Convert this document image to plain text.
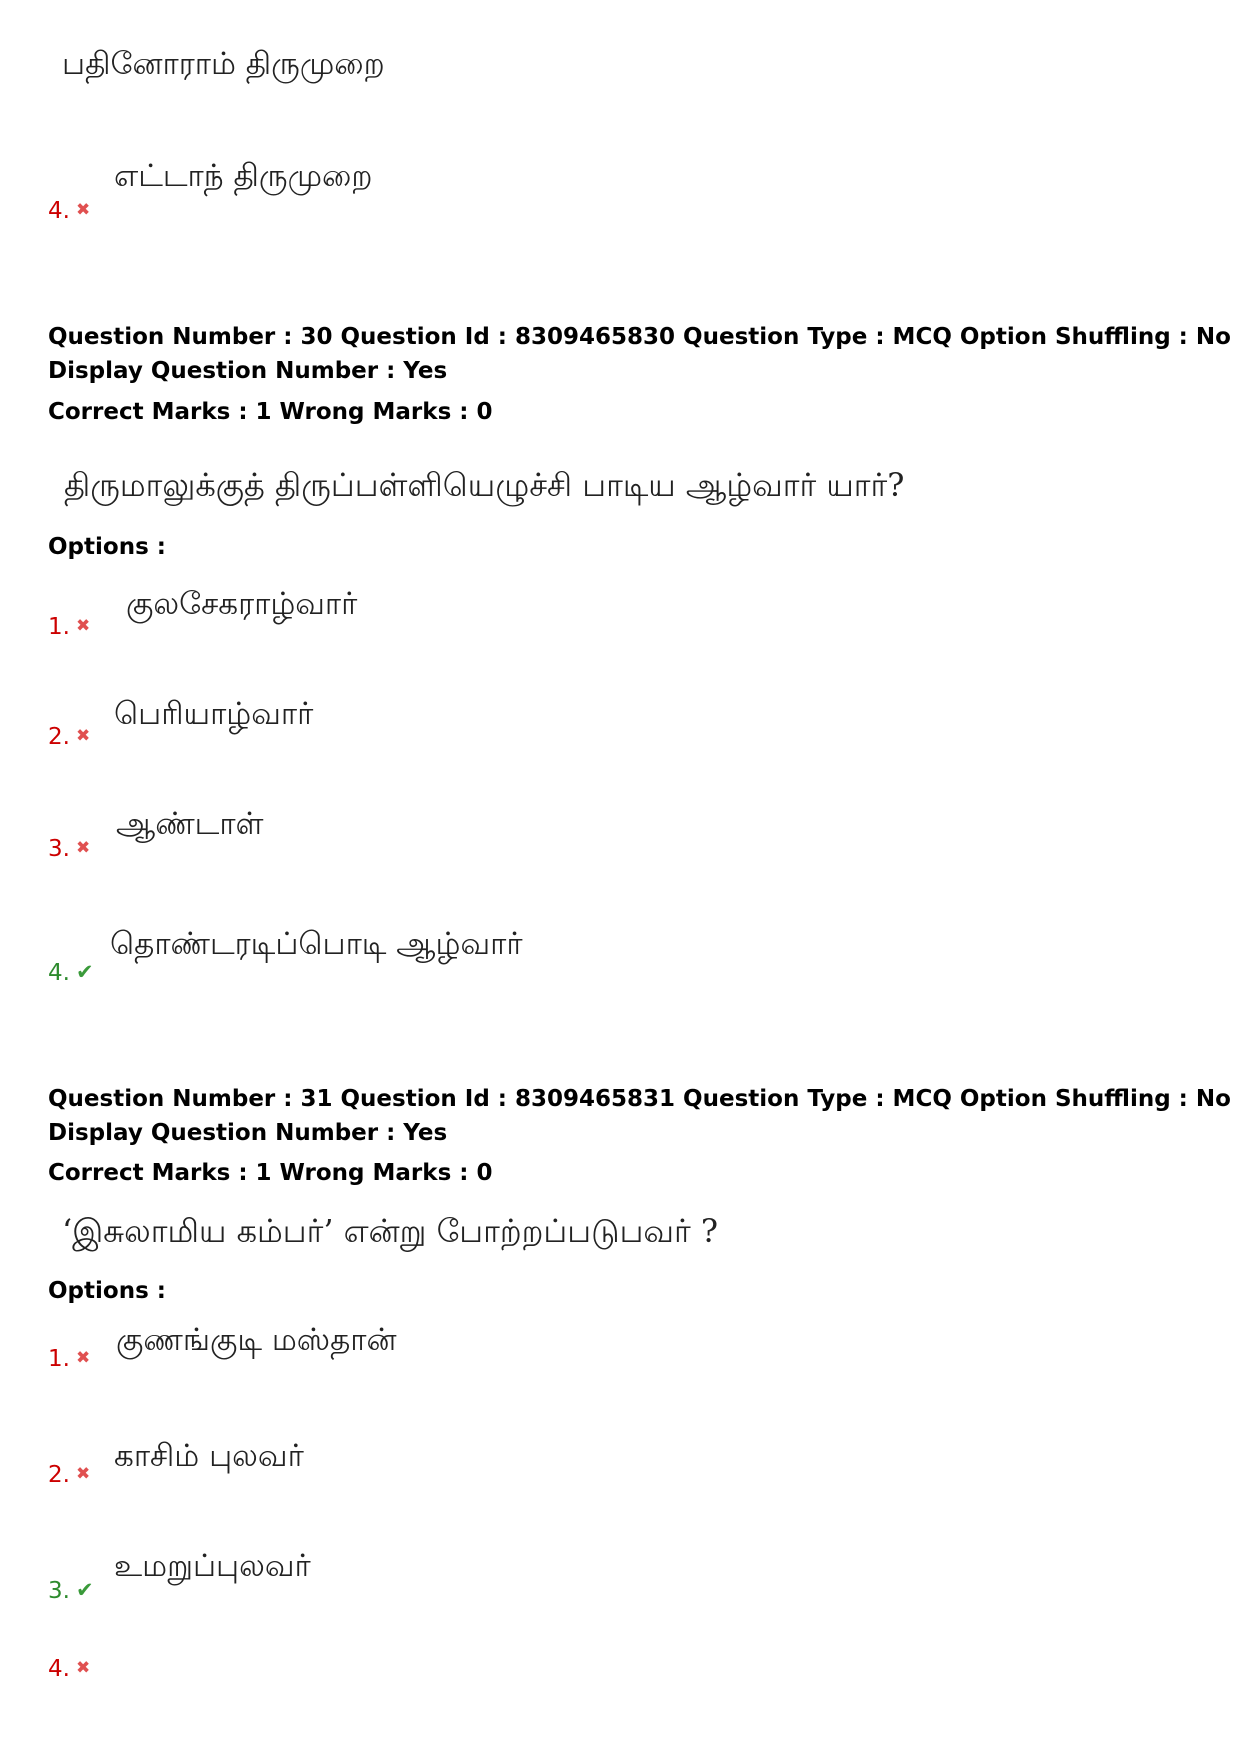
பதினோராம் திருமுறை
எட்டாந் திருமுறை
4. ✖
Question Number : 30 Question Id : 8309465830 Question Type : MCQ Option Shuffling : No
Display Question Number : Yes
Correct Marks : 1 Wrong Marks : 0
திருமாலுக்குத் திருப்பள்ளியெழுச்சி பாடிய ஆழ்வார் யார்?
Options :
குலசேகராழ்வார்
1. ✖
பெரியாழ்வார்
2. ✖
ஆண்டாள்
3. ✖
தொண்டரடிப்பொடி ஆழ்வார்
4. ✔
Question Number : 31 Question Id : 8309465831 Question Type : MCQ Option Shuffling : No
Display Question Number : Yes
Correct Marks : 1 Wrong Marks : 0
‘இசுலாமிய கம்பர்’ என்று போற்றப்படுபவர் ?
Options :
குணங்குடி மஸ்தான்
1. ✖
காசிம் புலவர்
2. ✖
உமறுப்புலவர்
3. ✔
4. ✖
